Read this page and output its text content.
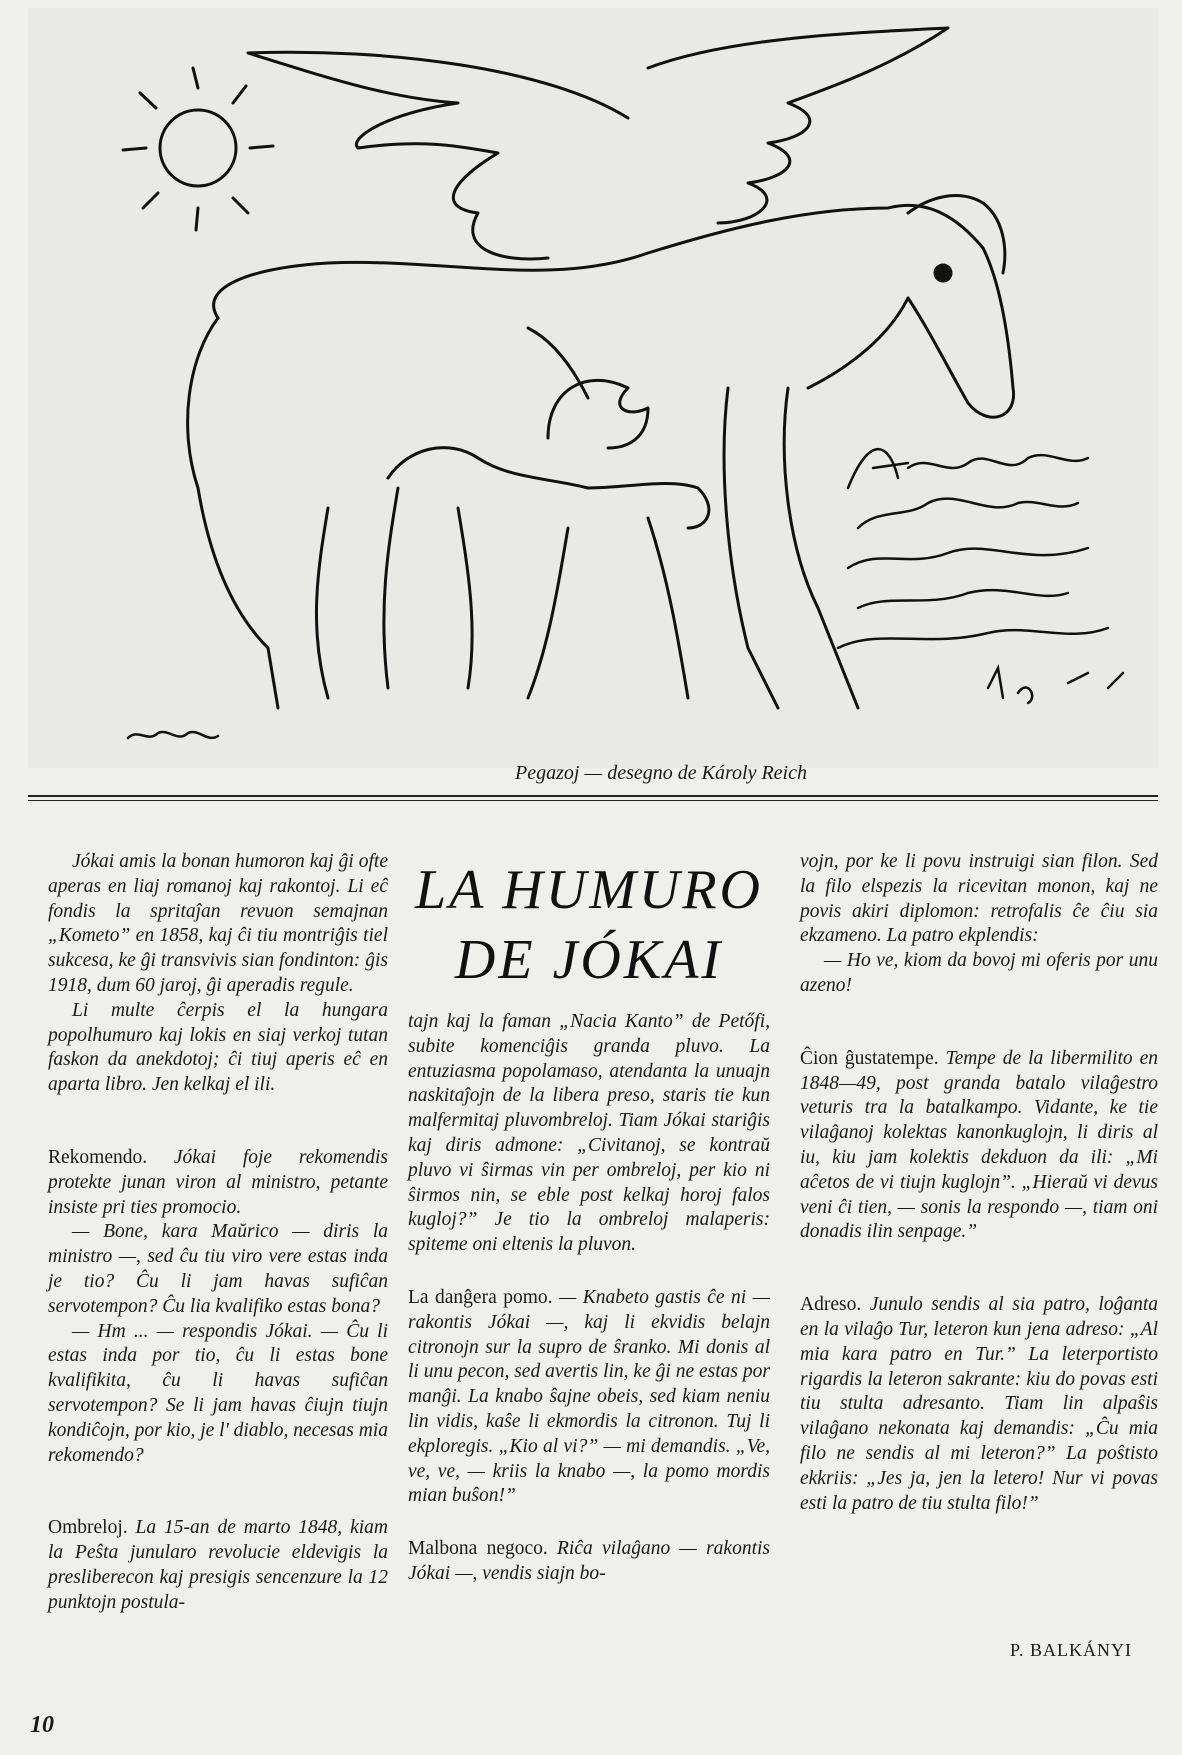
Pegazoj — desegno de Károly Reich

Jókai amis la bonan humoron kaj ĝi ofte aperas en liaj romanoj kaj rakontoj. Li eĉ fondis la spritaĵan revuon semajnan „Kometo” en 1858, kaj ĉi tiu montriĝis tiel sukcesa, ke ĝi transvivis sian fondinton: ĝis 1918, dum 60 jaroj, ĝi aperadis regule.

Li multe ĉerpis el la hungara popolhumuro kaj lokis en siaj verkoj tutan faskon da anekdotoj; ĉi tiuj aperis eĉ en aparta libro. Jen kelkaj el ili.

Rekomendo. Jókai foje rekomendis protekte junan viron al ministro, petante insiste pri ties promocio.

— Bone, kara Maŭrico — diris la ministro —, sed ĉu tiu viro vere estas inda je tio? Ĉu li jam havas sufiĉan servotempon? Ĉu lia kvalifiko estas bona?

— Hm ... — respondis Jókai. — Ĉu li estas inda por tio, ĉu li estas bone kvalifikita, ĉu li havas sufiĉan servotempon? Se li jam havas ĉiujn tiujn kondiĉojn, por kio, je l' diablo, necesas mia rekomendo?

Ombreloj. La 15-an de marto 1848, kiam la Peŝta junularo revolucie eldevigis la presliberecon kaj presigis sencenzure la 12 punktojn postula-

LA HUMURO
DE JÓKAI

tajn kaj la faman „Nacia Kanto” de Petőfi, subite komenciĝis granda pluvo. La entuziasma popolamaso, atendanta la unuajn naskitaĵojn de la libera preso, staris tie kun malfermitaj pluvombreloj. Tiam Jókai stariĝis kaj diris admone: „Civitanoj, se kontraŭ pluvo vi ŝirmas vin per ombreloj, per kio ni ŝirmos nin, se eble post kelkaj horoj falos kugloj?” Je tio la ombreloj malaperis: spiteme oni eltenis la pluvon.

La danĝera pomo. — Knabeto gastis ĉe ni — rakontis Jókai —, kaj li ekvidis belajn citronojn sur la supro de ŝranko. Mi donis al li unu pecon, sed avertis lin, ke ĝi ne estas por manĝi. La knabo ŝajne obeis, sed kiam neniu lin vidis, kaŝe li ekmordis la citronon. Tuj li ekploregis. „Kio al vi?” — mi demandis. „Ve, ve, ve, — kriis la knabo —, la pomo mordis mian buŝon!”

Malbona negoco. Riĉa vilaĝano — rakontis Jókai —, vendis siajn bo-

vojn, por ke li povu instruigi sian filon. Sed la filo elspezis la ricevitan monon, kaj ne povis akiri diplomon: retrofalis ĉe ĉiu sia ekzameno. La patro ekplendis:

— Ho ve, kiom da bovoj mi oferis por unu azeno!

Ĉion ĝustatempe. Tempe de la libermilito en 1848—49, post granda batalo vilaĝestro veturis tra la batalkampo. Vidante, ke tie vilaĝanoj kolektas kanonkuglojn, li diris al iu, kiu jam kolektis dekduon da ili: „Mi aĉetos de vi tiujn kuglojn”. „Hieraŭ vi devus veni ĉi tien, — sonis la respondo —, tiam oni donadis ilin senpage.”

Adreso. Junulo sendis al sia patro, loĝanta en la vilaĝo Tur, leteron kun jena adreso: „Al mia kara patro en Tur.” La leterportisto rigardis la leteron sakrante: kiu do povas esti tiu stulta adresanto. Tiam lin alpaŝis vilaĝano nekonata kaj demandis: „Ĉu mia filo ne sendis al mi leteron?” La poŝtisto ekkriis: „Jes ja, jen la letero! Nur vi povas esti la patro de tiu stulta filo!”

P. BALKÁNYI
10
